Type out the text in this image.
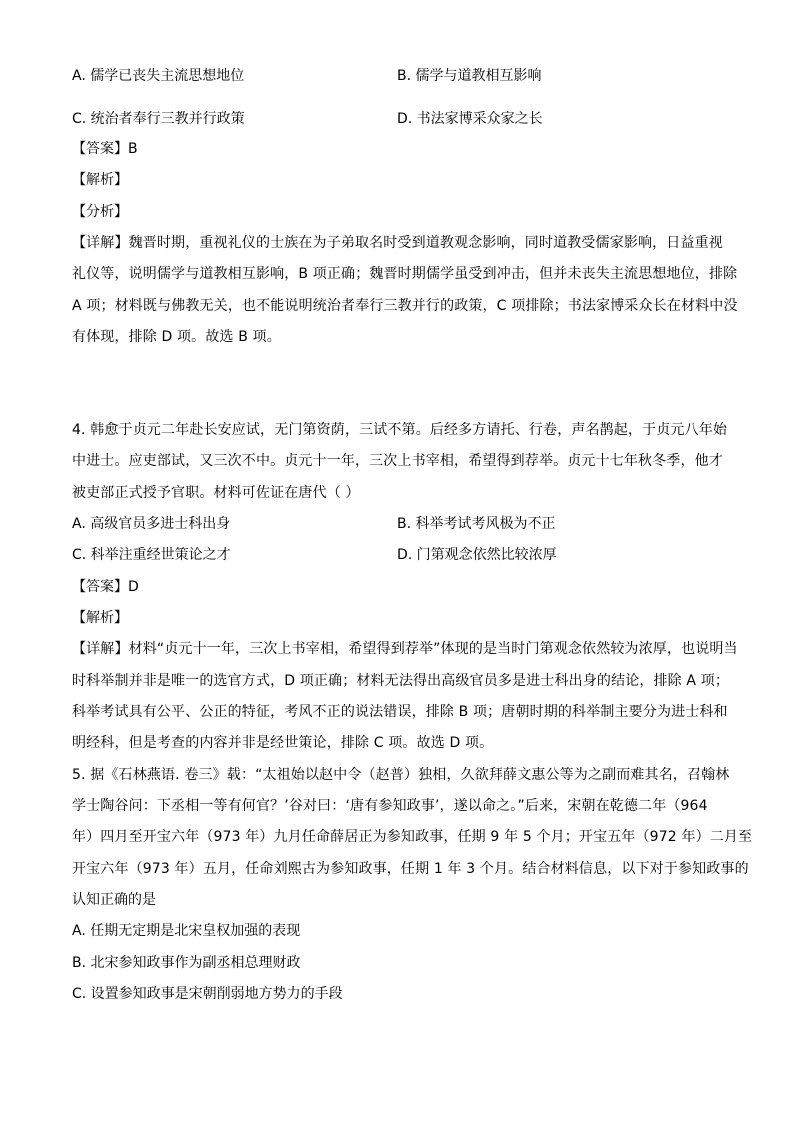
A. 儒学已丧失主流思想地位	B. 儒学与道教相互影响
C. 统治者奉行三教并行政策	D. 书法家博采众家之长
【答案】B
【解析】
【分析】
【详解】魏晋时期，重视礼仪的士族在为子弟取名时受到道教观念影响，同时道教受儒家影响，日益重视
礼仪等，说明儒学与道教相互影响，B 项正确；魏晋时期儒学虽受到冲击，但并未丧失主流思想地位，排除
A 项；材料既与佛教无关，也不能说明统治者奉行三教并行的政策，C 项排除；书法家博采众长在材料中没
有体现，排除 D 项。故选 B 项。
4. 韩愈于贞元二年赴长安应试，无门第资荫，三试不第。后经多方请托、行卷，声名鹊起，于贞元八年始
中进士。应吏部试，又三次不中。贞元十一年，三次上书宰相，希望得到荐举。贞元十七年秋冬季，他才
被吏部正式授予官职。材料可佐证在唐代（ ）
A. 高级官员多进士科出身	B. 科举考试考风极为不正
C. 科举注重经世策论之才	D. 门第观念依然比较浓厚
【答案】D
【解析】
【详解】材料“贞元十一年，三次上书宰相，希望得到荐举”体现的是当时门第观念依然较为浓厚，也说明当
时科举制并非是唯一的选官方式，D 项正确；材料无法得出高级官员多是进士科出身的结论，排除 A 项；
科举考试具有公平、公正的特征，考风不正的说法错误，排除 B 项；唐朝时期的科举制主要分为进士科和
明经科，但是考查的内容并非是经世策论，排除 C 项。故选 D 项。
5. 据《石林燕语. 卷三》载：“太祖始以赵中令（赵普）独相，久欲拜薛文惠公等为之副而难其名，召翰林
学士陶谷问：下丞相一等有何官？’谷对曰：‘唐有参知政事’，遂以命之。”后来，宋朝在乾德二年（964
年）四月至开宝六年（973 年）九月任命薛居正为参知政事，任期 9 年 5 个月；开宝五年（972 年）二月至
开宝六年（973 年）五月，任命刘熙古为参知政事，任期 1 年 3 个月。结合材料信息，以下对于参知政事的
认知正确的是
A. 任期无定期是北宋皇权加强的表现
B. 北宋参知政事作为副丞相总理财政
C. 设置参知政事是宋朝削弱地方势力的手段
